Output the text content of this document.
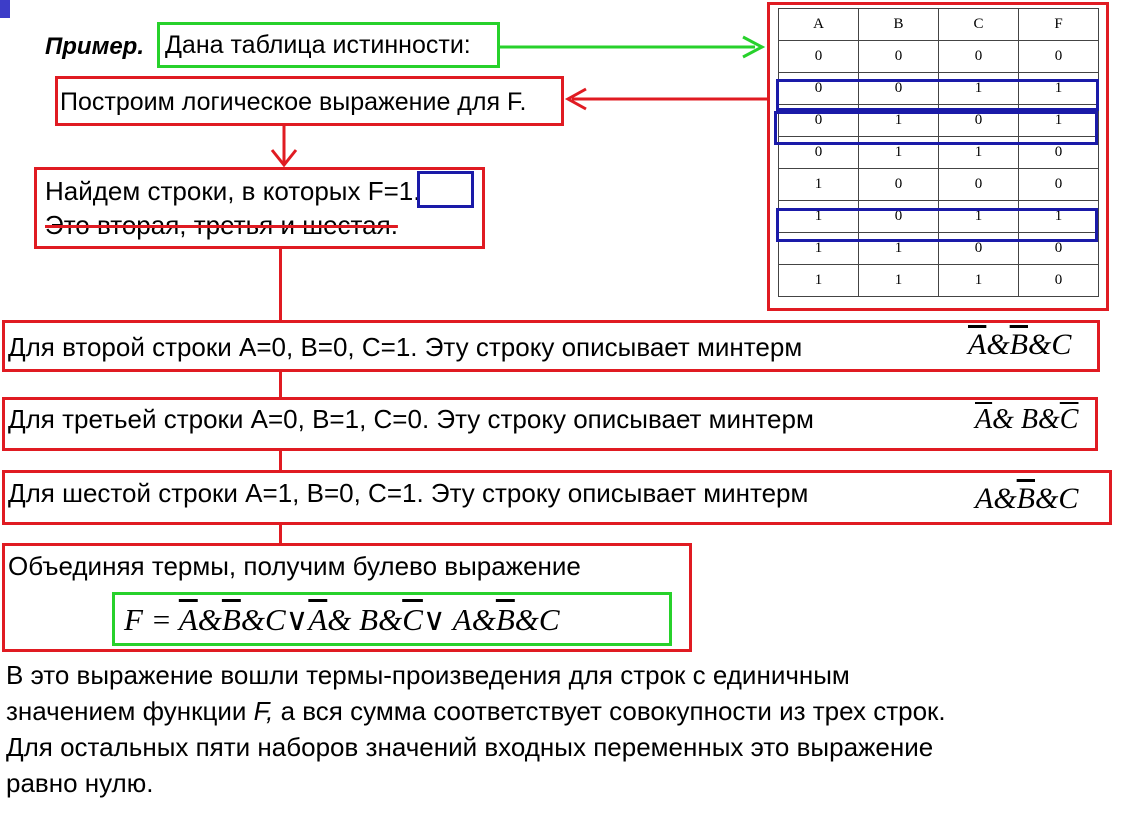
Пример. Дана таблица истинности:
Построим логическое выражение для F.
Найдем строки, в которых F=1.
Это вторая, третья и шестая.
Для второй строки A=0, B=0, C=1. Эту строку описывает минтерм	$\overline{A}\&\overline{B}\&C$
Для третьей строки A=0, B=1, C=0. Эту строку описывает минтерм	$\overline{A}\&$ $B\&\overline{C}$
Для шестой строки A=1, B=0, C=1. Эту строку описывает минтерм	$A\&\overline{B}\&C$
Объединяя термы, получим булево выражение
$F = \overline{A}\&\overline{B}\&C\vee\overline{A}\&$ $B\&\overline{C}\vee$ $A\&\overline{B}\&C$
В это выражение вошли термы-произведения для строк с единичным
значением функции F, а вся сумма соответствует совокупности из трех строк.
Для остальных пяти наборов значений входных переменных это выражение
равно нулю.
A	B	C	F
0	0	0	0
0	0	1	1
0	1	0	1
0	1	1	0
1	0	0	0
1	0	1	1
1	1	0	0
1	1	1	0
